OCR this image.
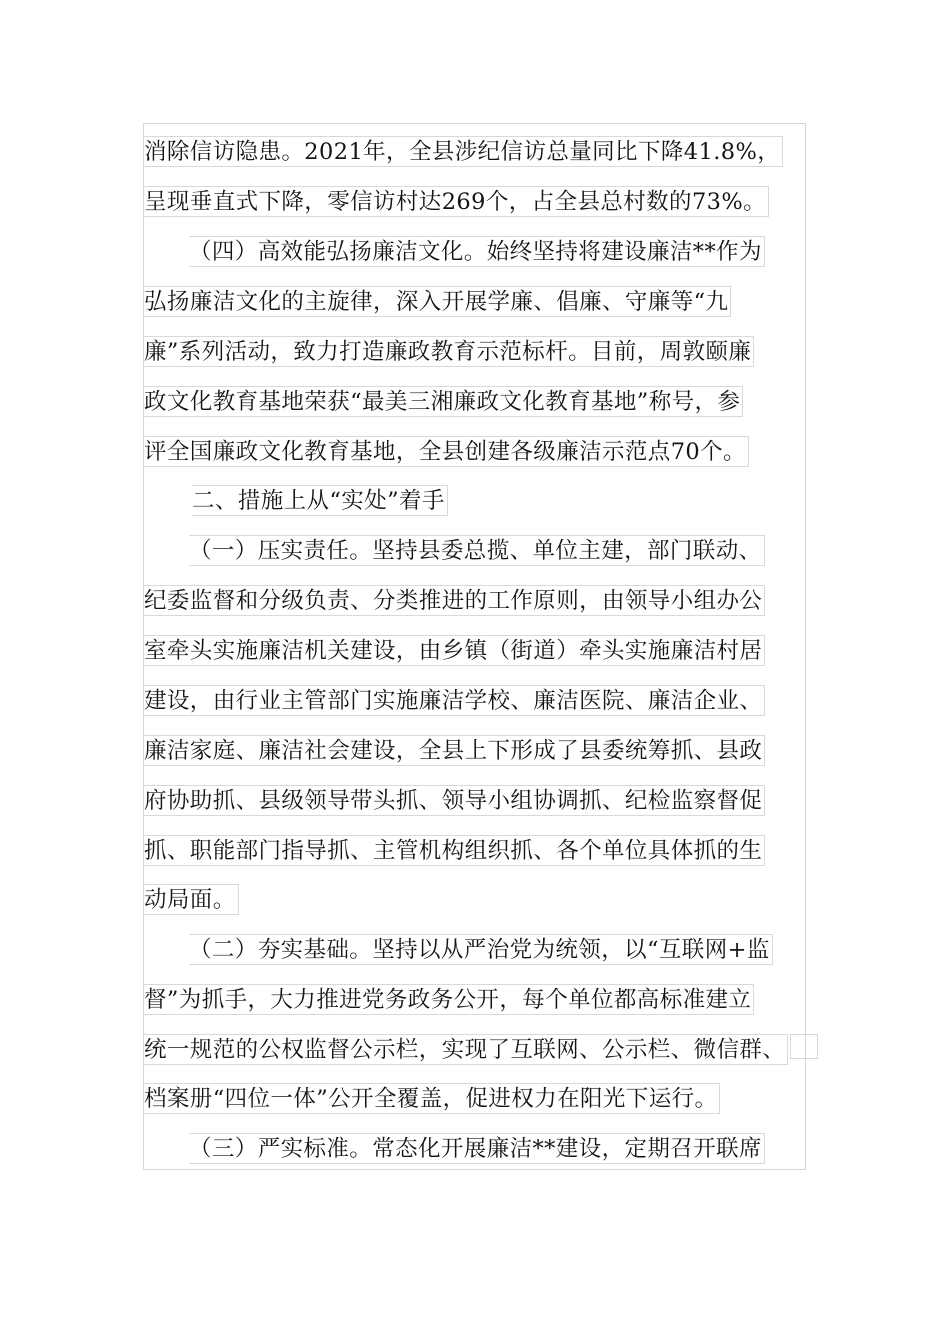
消除信访隐患。2021年，全县涉纪信访总量同比下降41.8%，
呈现垂直式下降，零信访村达269个，占全县总村数的73%。
（四）高效能弘扬廉洁文化。始终坚持将建设廉洁**作为
弘扬廉洁文化的主旋律，深入开展学廉、倡廉、守廉等“九
廉”系列活动，致力打造廉政教育示范标杆。目前，周敦颐廉
政文化教育基地荣获“最美三湘廉政文化教育基地”称号，参
评全国廉政文化教育基地，全县创建各级廉洁示范点70个。
二、措施上从“实处”着手
（一）压实责任。坚持县委总揽、单位主建，部门联动、
纪委监督和分级负责、分类推进的工作原则，由领导小组办公
室牵头实施廉洁机关建设，由乡镇（街道）牵头实施廉洁村居
建设，由行业主管部门实施廉洁学校、廉洁医院、廉洁企业、
廉洁家庭、廉洁社会建设，全县上下形成了县委统筹抓、县政
府协助抓、县级领导带头抓、领导小组协调抓、纪检监察督促
抓、职能部门指导抓、主管机构组织抓、各个单位具体抓的生
动局面。
（二）夯实基础。坚持以从严治党为统领，以“互联网+监
督”为抓手，大力推进党务政务公开，每个单位都高标准建立
统一规范的公权监督公示栏，实现了互联网、公示栏、微信群、
档案册“四位一体”公开全覆盖，促进权力在阳光下运行。
（三）严实标准。常态化开展廉洁**建设，定期召开联席
